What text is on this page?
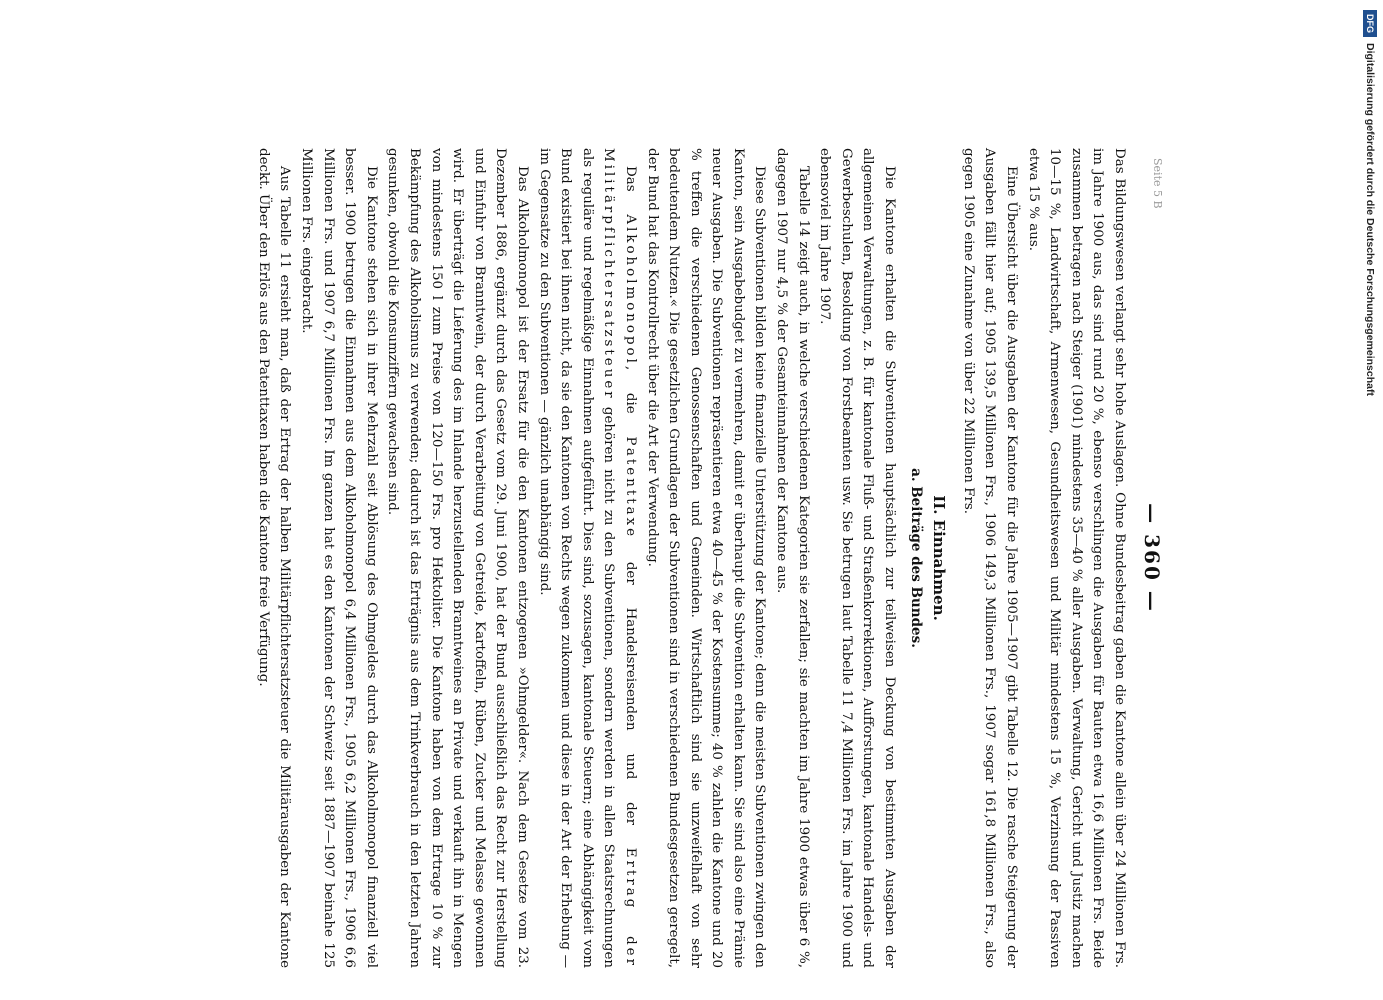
Seite 5 B
— 360 —

Das Bildungswesen verlangt sehr hohe Auslagen. Ohne Bundesbeitrag gaben die Kantone allein über 24 Millionen Frs. im Jahre 1900 aus, das sind rund 20 %, ebenso verschlingen die Ausgaben für Bauten etwa 16,6 Millionen Frs. Beide zusammen betragen nach Steiger (1901) mindestens 35—40 % aller Ausgaben. Verwaltung, Gericht und Justiz machen 10—15 %, Landwirtschaft, Armenwesen, Gesundheitswesen und Militär mindestens 15 %, Verzinsung der Passiven etwa 15 % aus.

Eine Übersicht über die Ausgaben der Kantone für die Jahre 1905—1907 gibt Tabelle 12. Die rasche Steigerung der Ausgaben fällt hier auf; 1905 139,5 Millionen Frs., 1906 149,3 Millionen Frs., 1907 sogar 161,8 Millionen Frs., also gegen 1905 eine Zunahme von über 22 Millionen Frs.

II. Einnahmen.
a. Beiträge des Bundes.

Die Kantone erhalten die Subventionen hauptsächlich zur teilweisen Deckung von bestimmten Ausgaben der allgemeinen Verwaltungen, z. B. für kantonale Fluß- und Straßenkorrektionen, Aufforstungen, kantonale Handels- und Gewerbeschulen, Besoldung von Forstbeamten usw. Sie betrugen laut Tabelle 11 7,4 Millionen Frs. im Jahre 1900 und ebensoviel im Jahre 1907.

Tabelle 14 zeigt auch, in welche verschiedenen Kategorien sie zerfallen; sie machten im Jahre 1900 etwas über 6 %, dagegen 1907 nur 4,5 % der Gesamteinnahmen der Kantone aus.

Diese Subventionen bilden keine finanzielle Unterstützung der Kantone; denn die meisten Subventionen zwingen den Kanton, sein Ausgabebudget zu vermehren, damit er überhaupt die Subvention erhalten kann. Sie sind also eine Prämie neuer Ausgaben. Die Subventionen repräsentieren etwa 40—45 % der Kostensumme; 40 % zahlen die Kantone und 20 % treffen die verschiedenen Genossenschaften und Gemeinden. Wirtschaftlich sind sie unzweifelhaft von sehr bedeutendem Nutzen.« Die gesetzlichen Grundlagen der Subventionen sind in verschiedenen Bundesgesetzen geregelt, der Bund hat das Kontrollrecht über die Art der Verwendung.

Das Alkoholmonopol, die Patenttaxe der Handelsreisenden und der Ertrag der Militärpflichtersatzsteuer gehören nicht zu den Subventionen, sondern werden in allen Staatsrechnungen als reguläre und regelmäßige Einnahmen aufgeführt. Dies sind, sozusagen, kantonale Steuern; eine Abhängigkeit vom Bund existiert bei ihnen nicht, da sie den Kantonen von Rechts wegen zukommen und diese in der Art der Erhebung — im Gegensatze zu den Subventionen — gänzlich unabhängig sind.

Das Alkoholmonopol ist der Ersatz für die den Kantonen entzogenen »Ohmgelder«. Nach dem Gesetze vom 23. Dezember 1886, ergänzt durch das Gesetz vom 29. Juni 1900, hat der Bund ausschließlich das Recht zur Herstellung und Einfuhr von Branntwein, der durch Verarbeitung von Getreide, Kartoffeln, Rüben, Zucker und Melasse gewonnen wird. Er überträgt die Lieferung des im Inlande herzustellenden Branntweines an Private und verkauft ihn in Mengen von mindestens 150 l zum Preise von 120—150 Frs. pro Hektoliter. Die Kantone haben von dem Ertrage 10 % zur Bekämpfung des Alkoholismus zu verwenden; dadurch ist das Erträgnis aus dem Trinkverbrauch in den letzten Jahren gesunken, obwohl die Konsumziffern gewachsen sind.

Die Kantone stehen sich in ihrer Mehrzahl seit Ablösung des Ohmgeldes durch das Alkoholmonopol finanziell viel besser. 1900 betrugen die Einnahmen aus dem Alkoholmonopol 6,4 Millionen Frs., 1905 6,2 Millionen Frs., 1906 6,6 Millionen Frs. und 1907 6,7 Millionen Frs. Im ganzen hat es den Kantonen der Schweiz seit 1887—1907 beinahe 125 Millionen Frs. eingebracht.

Aus Tabelle 11 ersieht man, daß der Ertrag der halben Militärpflichtersatzsteuer die Militärausgaben der Kantone deckt. Über den Erlös aus den Patenttaxen haben die Kantone freie Verfügung.

DFG
Digitalisierung gefördert durch die Deutsche Forschungsgemeinschaft
